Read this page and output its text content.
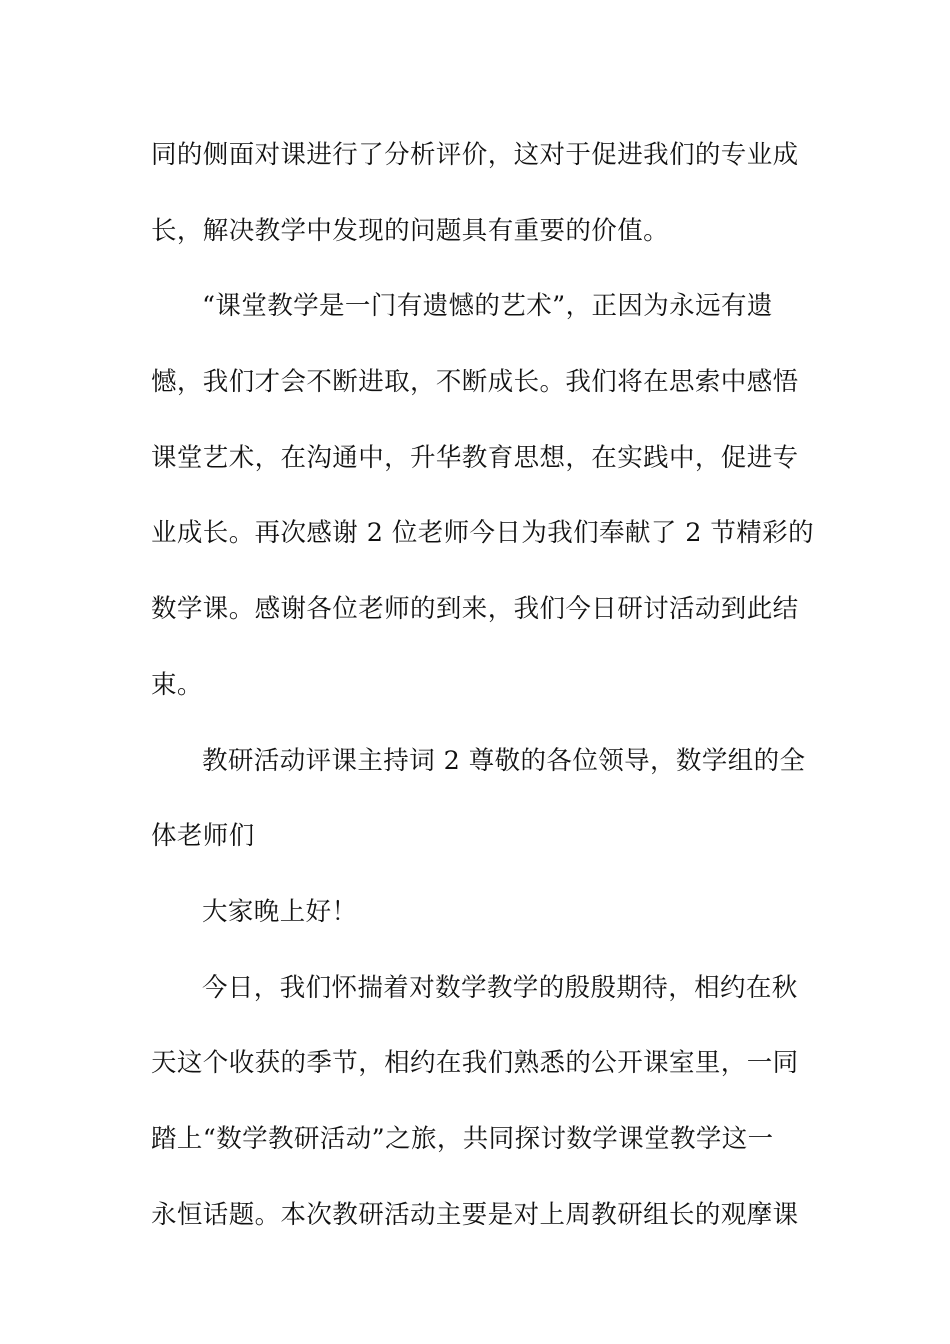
同的侧面对课进行了分析评价，这对于促进我们的专业成
长，解决教学中发现的问题具有重要的价值。
“课堂教学是一门有遗憾的艺术”，正因为永远有遗
憾，我们才会不断进取，不断成长。我们将在思索中感悟
课堂艺术，在沟通中，升华教育思想，在实践中，促进专
业成长。再次感谢 2 位老师今日为我们奉献了 2 节精彩的
数学课。感谢各位老师的到来，我们今日研讨活动到此结
束。
教研活动评课主持词 2 尊敬的各位领导，数学组的全
体老师们
大家晚上好！
今日，我们怀揣着对数学教学的殷殷期待，相约在秋
天这个收获的季节，相约在我们熟悉的公开课室里，一同
踏上“数学教研活动”之旅，共同探讨数学课堂教学这一
永恒话题。本次教研活动主要是对上周教研组长的观摩课
